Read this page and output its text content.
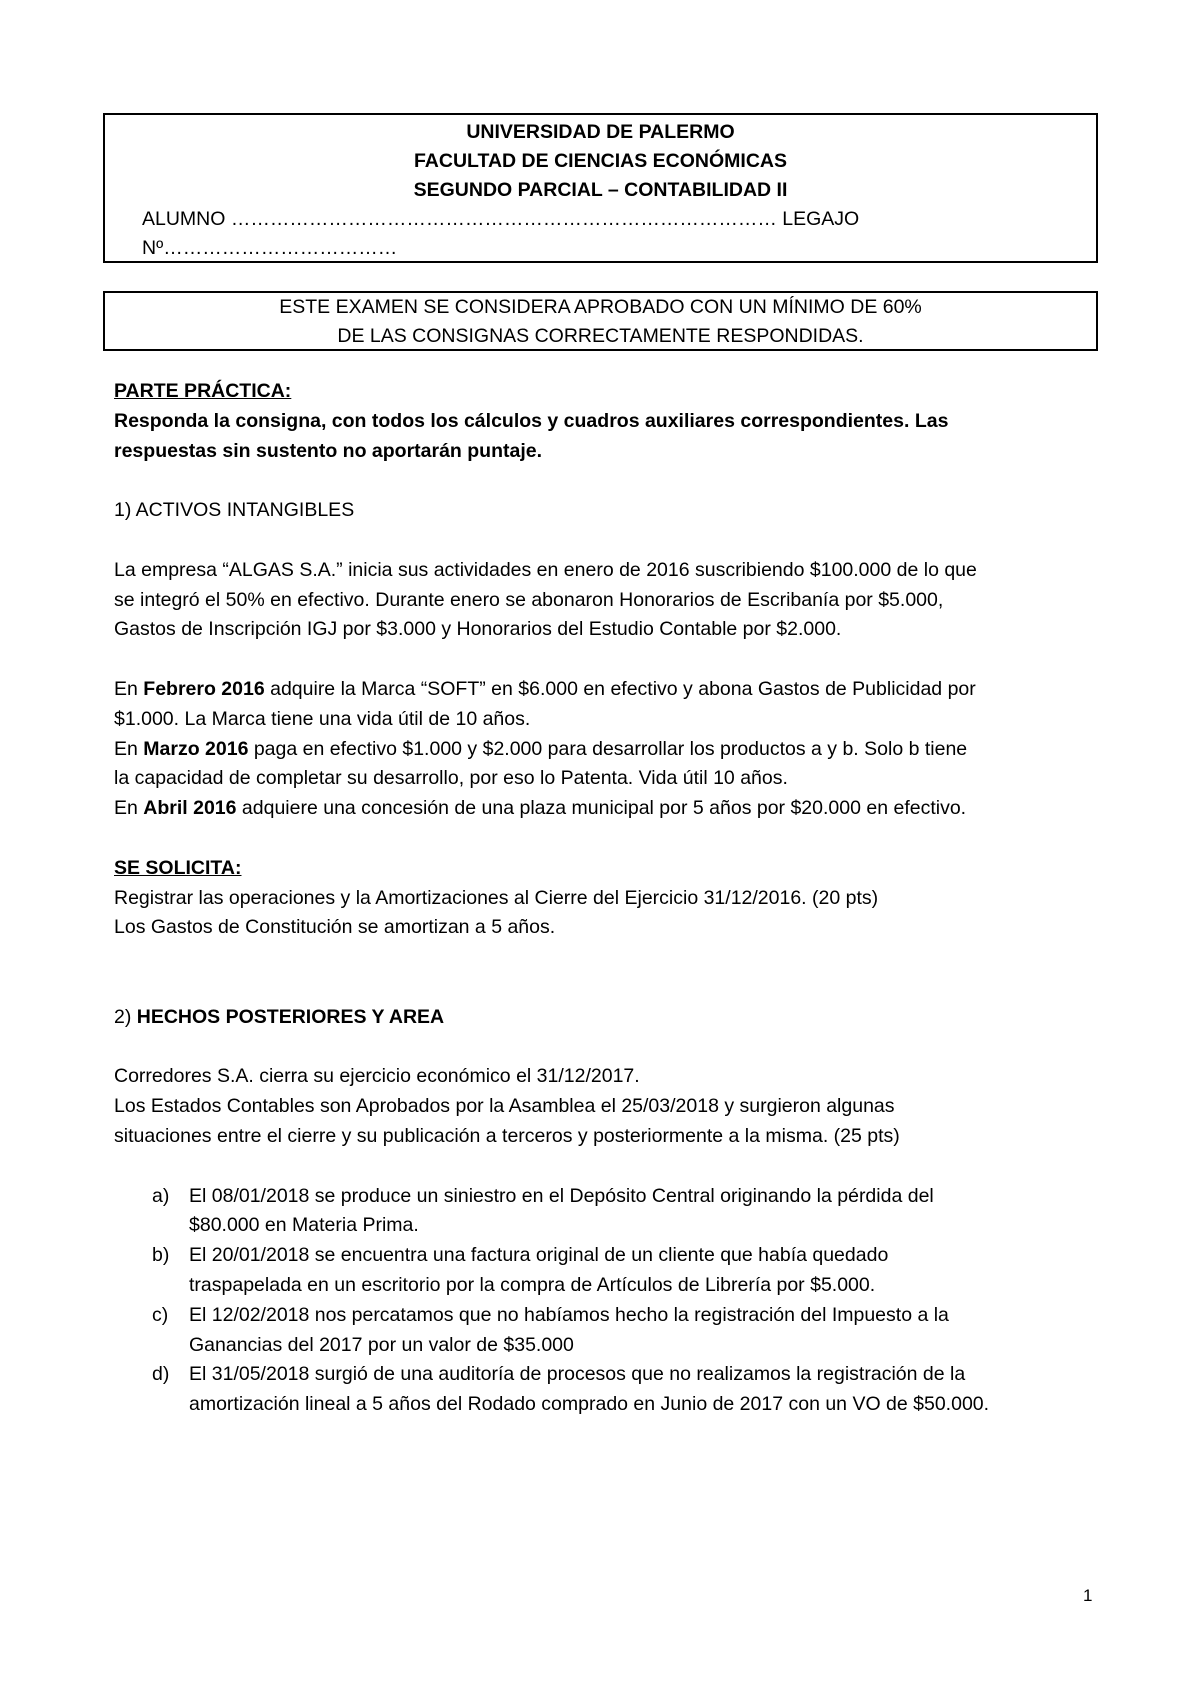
UNIVERSIDAD DE PALERMO
FACULTAD DE CIENCIAS ECONÓMICAS
SEGUNDO PARCIAL – CONTABILIDAD II
ALUMNO ………………………………………………………………………… LEGAJO Nº………………………………
ESTE EXAMEN SE CONSIDERA APROBADO CON UN MÍNIMO DE 60%
DE LAS CONSIGNAS CORRECTAMENTE RESPONDIDAS.
PARTE PRÁCTICA:
Responda la consigna, con todos los cálculos y cuadros auxiliares correspondientes. Las
respuestas sin sustento no aportarán puntaje.
1) ACTIVOS INTANGIBLES
La empresa “ALGAS S.A.” inicia sus actividades en enero de 2016 suscribiendo $100.000 de lo que
se integró el 50% en efectivo. Durante enero se abonaron Honorarios de Escribanía por $5.000,
Gastos de Inscripción IGJ por $3.000 y Honorarios del Estudio Contable por $2.000.
En Febrero 2016 adquire la Marca “SOFT” en $6.000 en efectivo y abona Gastos de Publicidad por
$1.000. La Marca tiene una vida útil de 10 años.
En Marzo 2016 paga en efectivo $1.000 y $2.000 para desarrollar los productos a y b. Solo b tiene
la capacidad de completar su desarrollo, por eso lo Patenta. Vida útil 10 años.
En Abril 2016 adquiere una concesión de una plaza municipal por 5 años por $20.000 en efectivo.
SE SOLICITA:
Registrar las operaciones y la Amortizaciones al Cierre del Ejercicio 31/12/2016. (20 pts)
Los Gastos de Constitución se amortizan a 5 años.
2) HECHOS POSTERIORES Y AREA
Corredores S.A. cierra su ejercicio económico el 31/12/2017.
Los Estados Contables son Aprobados por la Asamblea el 25/03/2018 y surgieron algunas
situaciones entre el cierre y su publicación a terceros y posteriormente a la misma. (25 pts)
a) El 08/01/2018 se produce un siniestro en el Depósito Central originando la pérdida del
$80.000 en Materia Prima.
b) El 20/01/2018 se encuentra una factura original de un cliente que había quedado
traspapelada en un escritorio por la compra de Artículos de Librería por $5.000.
c) El 12/02/2018 nos percatamos que no habíamos hecho la registración del Impuesto a la
Ganancias del 2017 por un valor de $35.000
d) El 31/05/2018 surgió de una auditoría de procesos que no realizamos la registración de la
amortización lineal a 5 años del Rodado comprado en Junio de 2017 con un VO de $50.000.
1
